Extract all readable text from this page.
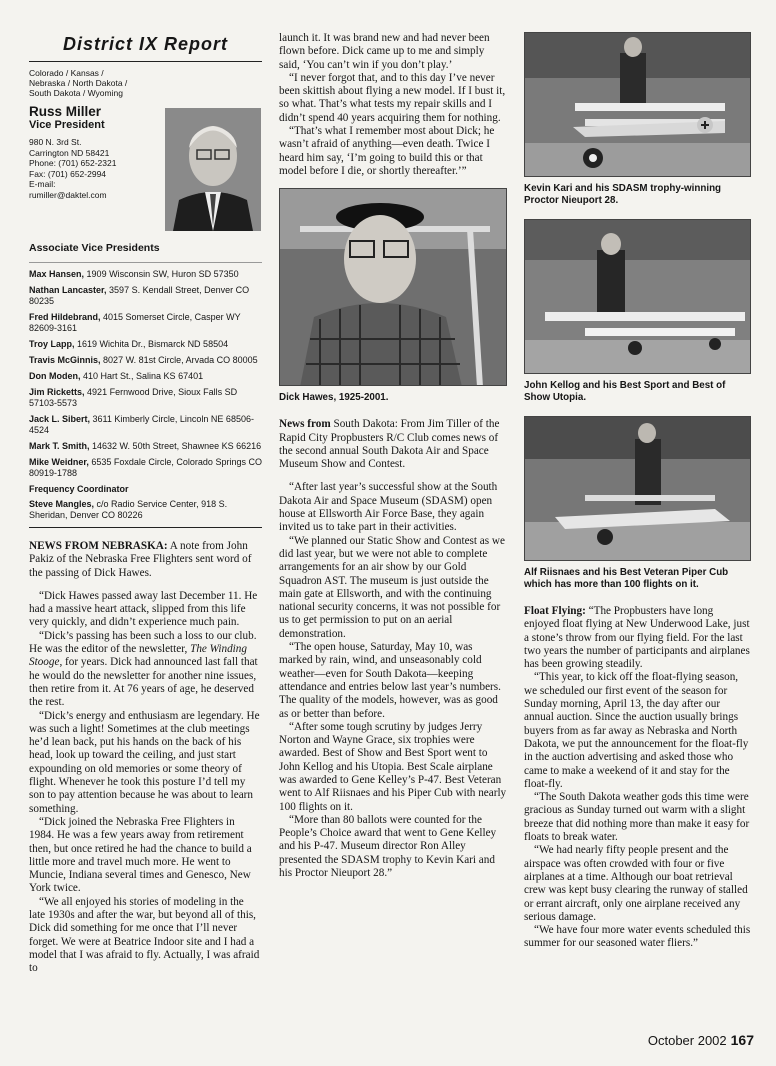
District IX Report
Colorado / Kansas /
Nebraska / North Dakota /
South Dakota / Wyoming
Russ Miller
Vice President
980 N. 3rd St.
Carrington ND 58421
Phone: (701) 652-2321
Fax: (701) 652-2994
E-mail:
rumiller@daktel.com
Associate Vice Presidents
Max Hansen, 1909 Wisconsin SW, Huron SD 57350
Nathan Lancaster, 3597 S. Kendall Street, Denver CO 80235
Fred Hildebrand, 4015 Somerset Circle, Casper WY 82609-3161
Troy Lapp, 1619 Wichita Dr., Bismarck ND 58504
Travis McGinnis, 8027 W. 81st Circle, Arvada CO 80005
Don Moden, 410 Hart St., Salina KS 67401
Jim Ricketts, 4921 Fernwood Drive, Sioux Falls SD 57103-5573
Jack L. Sibert, 3611 Kimberly Circle, Lincoln NE 68506-4524
Mark T. Smith, 14632 W. 50th Street, Shawnee KS 66216
Mike Weidner, 6535 Foxdale Circle, Colorado Springs CO 80919-1788
Frequency Coordinator
Steve Mangles, c/o Radio Service Center, 918 S. Sheridan, Denver CO 80226

NEWS FROM NEBRASKA: A note from John Pakiz of the Nebraska Free Flighters sent word of the passing of Dick Hawes.

“Dick Hawes passed away last December 11. He had a massive heart attack, slipped from this life very quickly, and didn’t experience much pain.

“Dick’s passing has been such a loss to our club. He was the editor of the newsletter, The Winding Stooge, for years. Dick had announced last fall that he would do the newsletter for another nine issues, then retire from it. At 76 years of age, he deserved the rest.

“Dick’s energy and enthusiasm are legendary. He was such a light! Sometimes at the club meetings he’d lean back, put his hands on the back of his head, look up toward the ceiling, and just start expounding on old memories or some theory of flight. Whenever he took this posture I’d tell my son to pay attention because he was about to learn something.

“Dick joined the Nebraska Free Flighters in 1984. He was a few years away from retirement then, but once retired he had the chance to build a little more and travel much more. He went to Muncie, Indiana several times and Genesco, New York twice.

“We all enjoyed his stories of modeling in the late 1930s and after the war, but beyond all of this, Dick did something for me once that I’ll never forget. We were at Beatrice Indoor site and I had a model that I was afraid to fly. Actually, I was afraid to

launch it. It was brand new and had never been flown before. Dick came up to me and simply said, ‘You can’t win if you don’t play.’

“I never forgot that, and to this day I’ve never been skittish about flying a new model. If I bust it, so what. That’s what tests my repair skills and I didn’t spend 40 years acquiring them for nothing.

“That’s what I remember most about Dick; he wasn’t afraid of anything—even death. Twice I heard him say, ‘I’m going to build this or that model before I die, or shortly thereafter.’”

Dick Hawes, 1925-2001.

News from South Dakota: From Jim Tiller of the Rapid City Propbusters R/C Club comes news of the second annual South Dakota Air and Space Museum Show and Contest.

“After last year’s successful show at the South Dakota Air and Space Museum (SDASM) open house at Ellsworth Air Force Base, they again invited us to take part in their activities.

“We planned our Static Show and Contest as we did last year, but we were not able to complete arrangements for an air show by our Gold Squadron AST. The museum is just outside the main gate at Ellsworth, and with the continuing national security concerns, it was not possible for us to get permission to put on an aerial demonstration.

“The open house, Saturday, May 10, was marked by rain, wind, and unseasonably cold weather—even for South Dakota—keeping attendance and entries below last year’s numbers. The quality of the models, however, was as good as or better than before.

“After some tough scrutiny by judges Jerry Norton and Wayne Grace, six trophies were awarded. Best of Show and Best Sport went to John Kellog and his Utopia. Best Scale airplane was awarded to Gene Kelley’s P-47. Best Veteran went to Alf Riisnaes and his Piper Cub with nearly 100 flights on it.

“More than 80 ballots were counted for the People’s Choice award that went to Gene Kelley and his P-47. Museum director Ron Alley presented the SDASM trophy to Kevin Kari and his Proctor Nieuport 28.”

Kevin Kari and his SDASM trophy-winning Proctor Nieuport 28.
John Kellog and his Best Sport and Best of Show Utopia.
Alf Riisnaes and his Best Veteran Piper Cub which has more than 100 flights on it.

Float Flying: “The Propbusters have long enjoyed float flying at New Underwood Lake, just a stone’s throw from our flying field. For the last two years the number of participants and airplanes has been growing steadily.

“This year, to kick off the float-flying season, we scheduled our first event of the season for Sunday morning, April 13, the day after our annual auction. Since the auction usually brings buyers from as far away as Nebraska and North Dakota, we put the announcement for the float-fly in the auction advertising and asked those who came to make a weekend of it and stay for the float-fly.

“The South Dakota weather gods this time were gracious as Sunday turned out warm with a slight breeze that did nothing more than make it easy for floats to break water.

“We had nearly fifty people present and the airspace was often crowded with four or five airplanes at a time. Although our boat retrieval crew was kept busy clearing the runway of stalled or errant aircraft, only one airplane received any serious damage.

“We have four more water events scheduled this summer for our seasoned water fliers.”

October 2002 167
